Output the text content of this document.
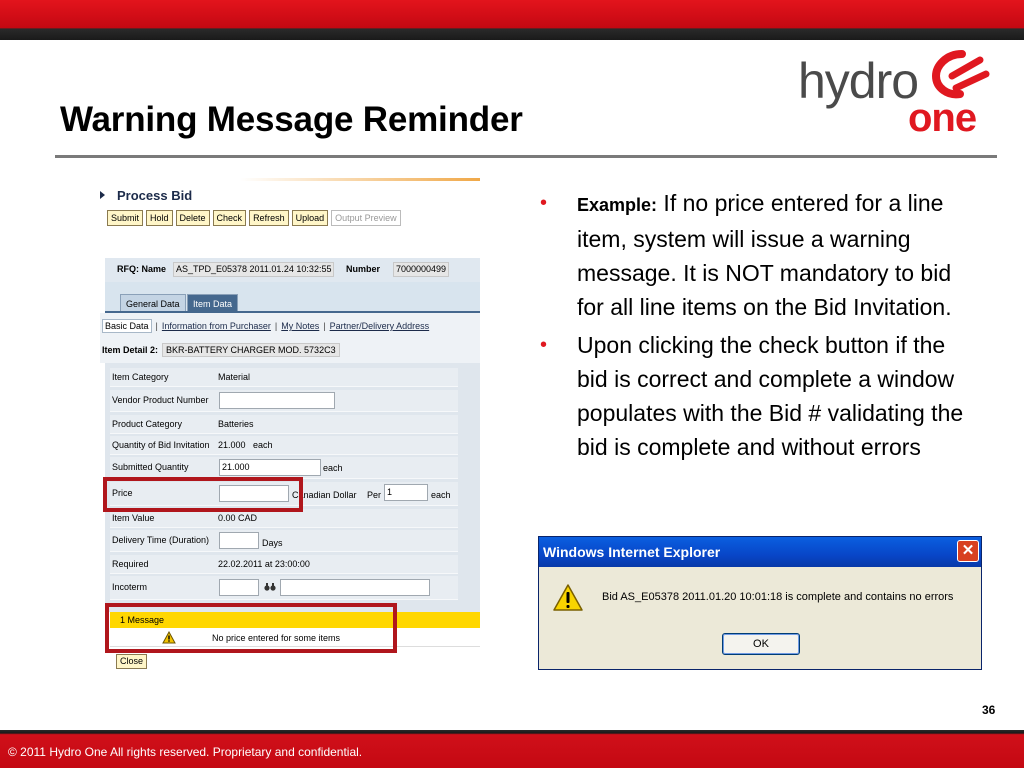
Warning Message Reminder
hydro
one
Process Bid
Submit	Hold	Delete	Check	Refresh	Upload	Output Preview
RFQ: Name	AS_TPD_E05378 2011.01.24 10:32:55	Number	7000000499
General Data	Item Data
Basic Data | Information from Purchaser | My Notes | Partner/Delivery Address
Item Detail 2: BKR-BATTERY CHARGER MOD. 5732C3
Item Category	Material
Vendor Product Number
Product Category	Batteries
Quantity of Bid Invitation 21.000   each
Submitted Quantity	21.000	each
Price	Canadian Dollar Per 1	each
Item Value	0.00 CAD
Delivery Time (Duration)	Days
Required	22.02.2011 at 23:00:00
Incoterm
1 Message
No price entered for some items
Close
• Example: If no price entered for a line item, system will issue a warning message. It is NOT mandatory to bid for all line items on the Bid Invitation.
• Upon clicking the check button if the bid is correct and complete a window populates with the Bid # validating the bid is complete and without errors
Windows Internet Explorer	✕
Bid AS_E05378 2011.01.20 10:01:18 is complete and contains no errors
OK
36
© 2011 Hydro One All rights reserved. Proprietary and confidential.
